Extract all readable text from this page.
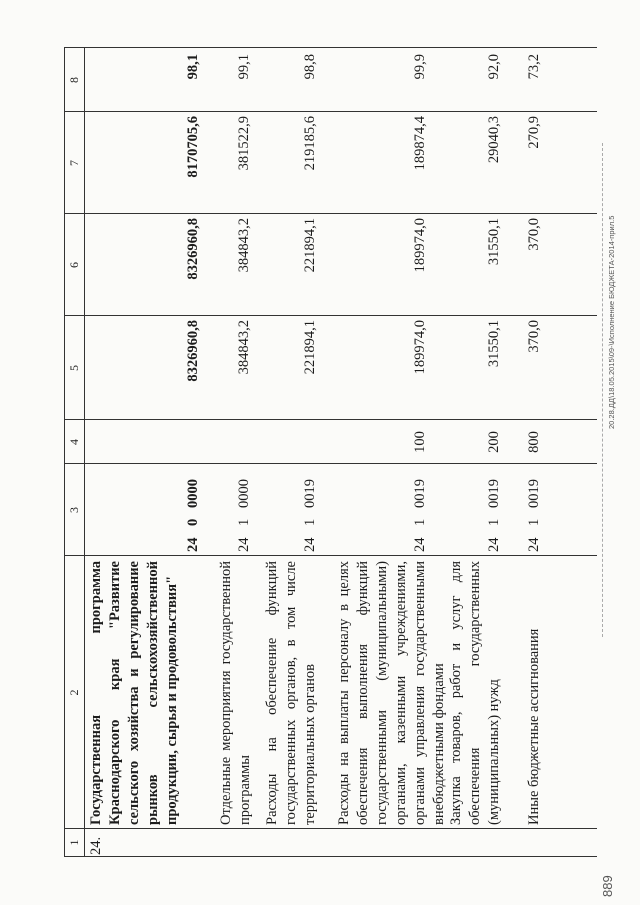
1
2
3
4
5
6
7
8
24.
Государственная программа Краснодарского края "Развитие сельского хозяйства и регулирование рынков сельскохозяйственной продукции, сырья и продовольствия"
24
0
0000
8326960,8
8326960,8
8170705,6
98,1
Отдельные мероприятия государственной программы
24
1
0000
384843,2
384843,2
381522,9
99,1
Расходы на обеспечение функций государственных органов, в том числе территориальных органов
24
1
0019
221894,1
221894,1
219185,6
98,8
Расходы на выплаты персоналу в целях обеспечения выполнения функций государственными (муниципальными) органами, казенными учреждениями, органами управления государственными внебюджетными фондами
24
1
0019
100
189974,0
189974,0
189874,4
99,9
Закупка товаров, работ и услуг для обеспечения государственных (муниципальных) нужд
24
1
0019
200
31550,1
31550,1
29040,3
92,0
Иные бюджетные ассигнования
24
1
0019
800
370,0
370,0
270,9
73,2
889
20.28.ДД\18.05.2015\09-\Исполнение БЮДЖЕТА-2014-прил.5
